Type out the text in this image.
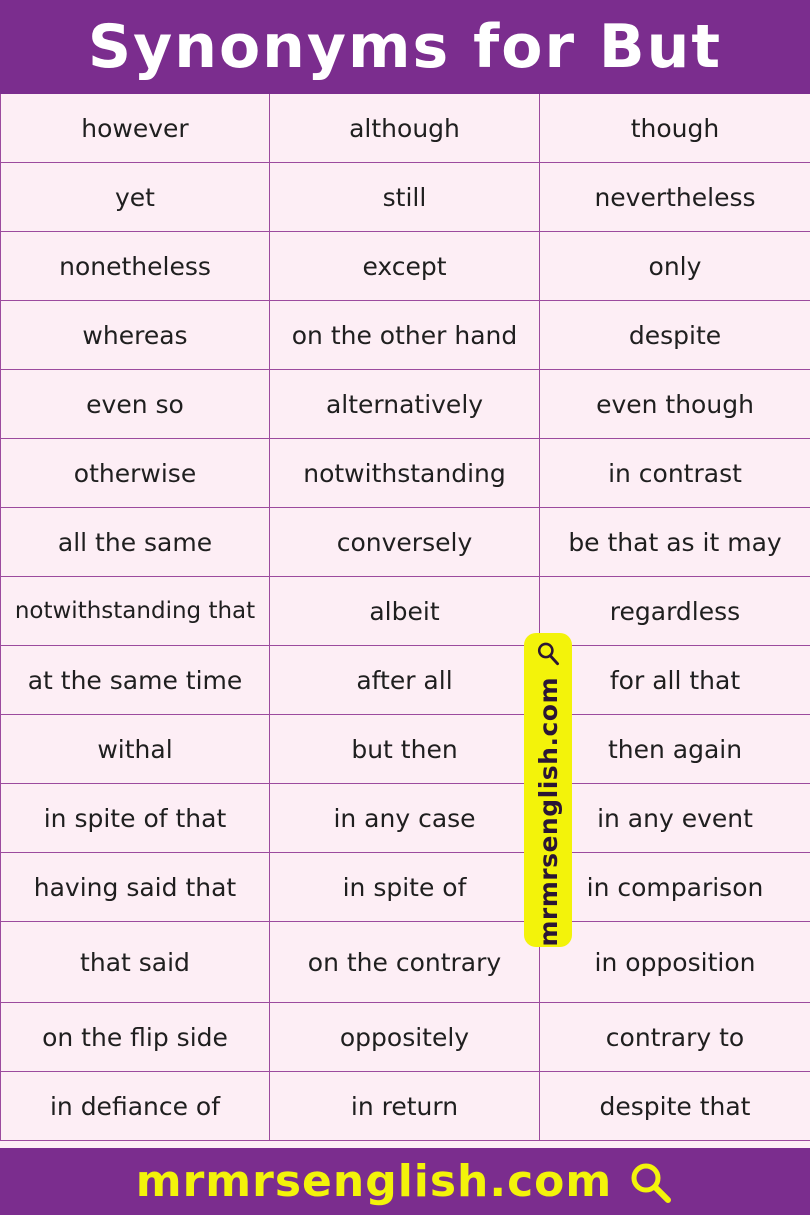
Synonyms for But
however	although	though
yet	still	nevertheless
nonetheless	except	only
whereas	on the other hand	despite
even so	alternatively	even though
otherwise	notwithstanding	in contrast
all the same	conversely	be that as it may
notwithstanding that	albeit	regardless
at the same time	after all	for all that
withal	but then	then again
in spite of that	in any case	in any event
having said that	in spite of	in comparison
that said	on the contrary	in opposition
on the flip side	oppositely	contrary to
in defiance of	in return	despite that
mrmrsenglish.com
mrmrsenglish.com
